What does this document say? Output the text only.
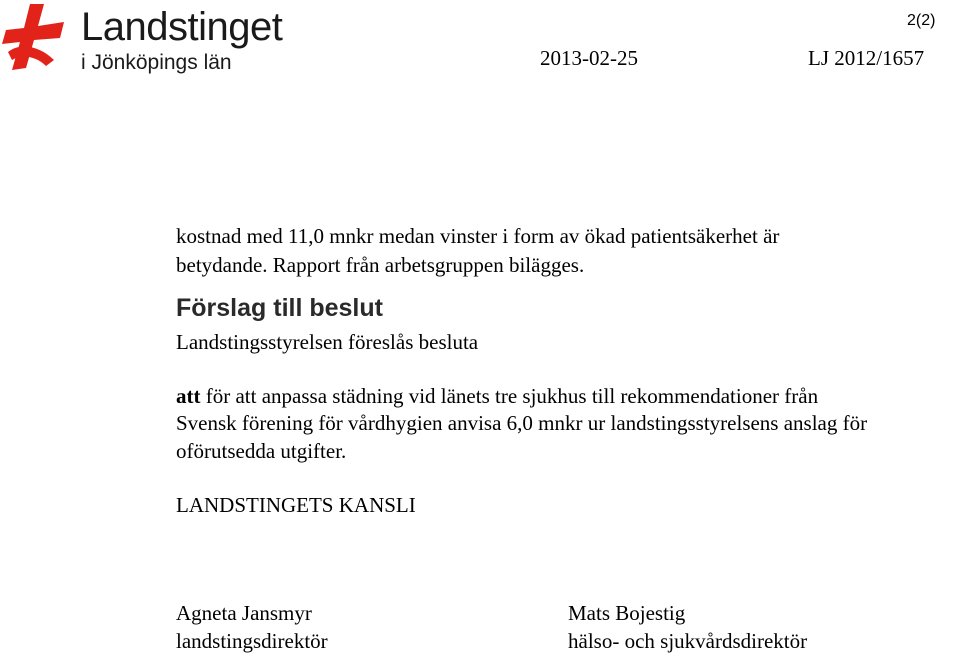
Landstinget
i Jönköpings län
2(2)
2013-02-25	LJ 2012/1657
kostnad med 11,0 mnkr medan vinster i form av ökad patientsäkerhet är
betydande. Rapport från arbetsgruppen bilägges.
Förslag till beslut
Landstingsstyrelsen föreslås besluta
att för att anpassa städning vid länets tre sjukhus till rekommendationer från
Svensk förening för vårdhygien anvisa 6,0 mnkr ur landstingsstyrelsens anslag för
oförutsedda utgifter.
LANDSTINGETS KANSLI
Agneta Jansmyr
landstingsdirektör
Mats Bojestig
hälso- och sjukvårdsdirektör
